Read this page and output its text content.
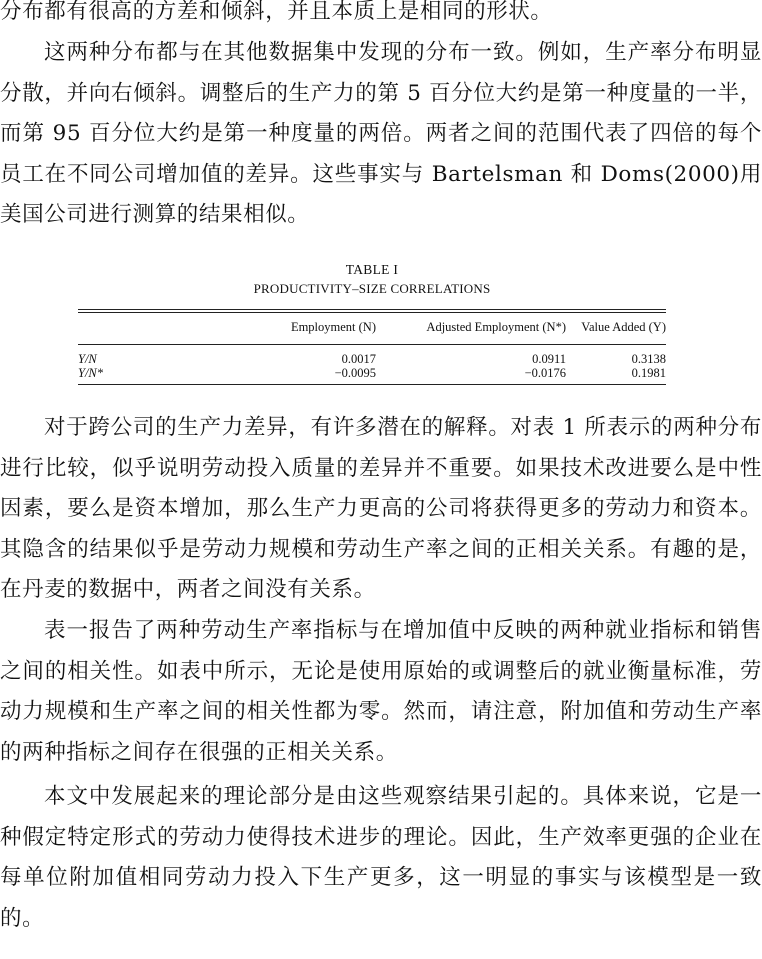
分布都有很高的方差和倾斜，并且本质上是相同的形状。

这两种分布都与在其他数据集中发现的分布一致。例如，生产率分布明显分散，并向右倾斜。调整后的生产力的第 5 百分位大约是第一种度量的一半，而第 95 百分位大约是第一种度量的两倍。两者之间的范围代表了四倍的每个员工在不同公司增加值的差异。这些事实与 Bartelsman 和 Doms(2000)用美国公司进行测算的结果相似。

TABLE I
PRODUCTIVITY–SIZE CORRELATIONS
	Employment (N)	Adjusted Employment (N*)	Value Added (Y)
Y/N	0.0017	0.0911	0.3138
Y/N*	−0.0095	−0.0176	0.1981

对于跨公司的生产力差异，有许多潜在的解释。对表 1 所表示的两种分布进行比较，似乎说明劳动投入质量的差异并不重要。如果技术改进要么是中性因素，要么是资本增加，那么生产力更高的公司将获得更多的劳动力和资本。其隐含的结果似乎是劳动力规模和劳动生产率之间的正相关关系。有趣的是，在丹麦的数据中，两者之间没有关系。

表一报告了两种劳动生产率指标与在增加值中反映的两种就业指标和销售之间的相关性。如表中所示，无论是使用原始的或调整后的就业衡量标准，劳动力规模和生产率之间的相关性都为零。然而，请注意，附加值和劳动生产率的两种指标之间存在很强的正相关关系。

本文中发展起来的理论部分是由这些观察结果引起的。具体来说，它是一种假定特定形式的劳动力使得技术进步的理论。因此，生产效率更强的企业在每单位附加值相同劳动力投入下生产更多，这一明显的事实与该模型是一致的。
